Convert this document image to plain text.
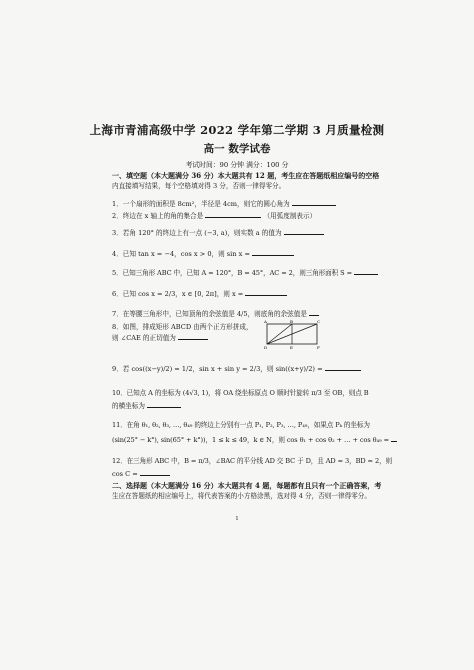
上海市青浦高级中学 2022 学年第二学期 3 月质量检测
高一 数学试卷
考试时间：90 分钟 满分：100 分
一、填空题（本大题满分 36 分）本大题共有 12 题，考生应在答题纸相应编号的空格
内直接填写结果，每个空格填对得 3 分，否则一律得零分。
1．一个扇形的面积是 8cm²，半径是 4cm，则它的圆心角为
2．终边在 x 轴上的角的集合是	（用弧度制表示）
3．若角 120° 的终边上有一点 (−3, a)，则实数 a 的值为
4．已知 tan x = −4，cos x > 0，则 sin x =
5．已知三角形 ABC 中，已知 A = 120°，B = 45°，AC = 2，则三角形面积 S =
6．已知 cos x = 2/3，x ∈ [0, 2π]，则 x =
7．在等腰三角形中，已知顶角的余弦值是 4/5，则底角的余弦值是
8．如图，排成矩形 ABCD 由两个正方形拼成，
则 ∠CAE 的正切值为
A	B	C
D	E	F
9．若 cos((x−y)/2) = 1/2，sin x + sin y = 2/3，则 sin((x+y)/2) =
10．已知点 A 的坐标为 (4√3, 1)，将 OA 绕坐标原点 O 顺时针旋转 π/3 至 OB，则点 B
的横坐标为
11．在角 θ₁, θ₂, θ₃, …, θ₄₉ 的终边上分别有一点 P₁, P₂, P₃, …, P₄₉，如果点 Pₖ 的坐标为
(sin(25° − k°), sin(65° + k°))，1 ≤ k ≤ 49，k ∈ N，则 cos θ₁ + cos θ₂ + … + cos θ₄₉ =
12．在三角形 ABC 中，B = π/3，∠BAC 的平分线 AD 交 BC 于 D，且 AD = 3，BD = 2，则
cos C =
二、选择题（本大题满分 16 分）本大题共有 4 题，每题都有且只有一个正确答案，考
生应在答题纸的相应编号上，将代表答案的小方格涂黑，选对得 4 分，否则一律得零分。
1
